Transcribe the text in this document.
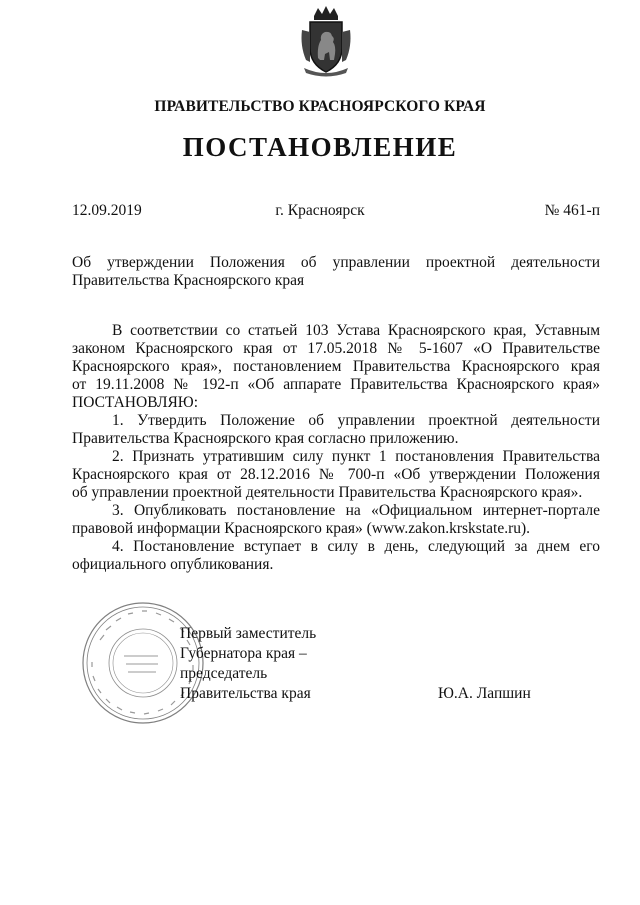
ПРАВИТЕЛЬСТВО КРАСНОЯРСКОГО КРАЯ
ПОСТАНОВЛЕНИЕ
12.09.2019	г. Красноярск	№ 461-п
Об утверждении Положения об управлении проектной деятельности
Правительства Красноярского края
В соответствии со статьей 103 Устава Красноярского края, Уставным
законом Красноярского края от 17.05.2018 № 5-1607 «О Правительстве
Красноярского края», постановлением Правительства Красноярского края
от 19.11.2008 № 192-п «Об аппарате Правительства Красноярского края»
ПОСТАНОВЛЯЮ:
1. Утвердить Положение об управлении проектной деятельности
Правительства Красноярского края согласно приложению.
2. Признать утратившим силу пункт 1 постановления Правительства
Красноярского края от 28.12.2016 № 700-п «Об утверждении Положения
об управлении проектной деятельности Правительства Красноярского края».
3. Опубликовать постановление на «Официальном интернет-портале
правовой информации Красноярского края» (www.zakon.krskstate.ru).
4. Постановление вступает в силу в день, следующий за днем его
официального опубликования.
Первый заместитель
Губернатора края –
председатель
Правительства края	Ю.А. Лапшин
